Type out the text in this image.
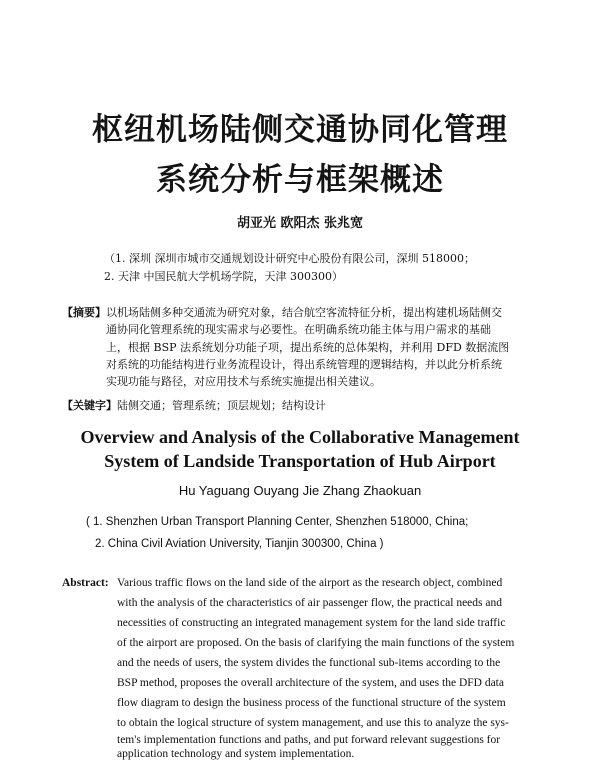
枢纽机场陆侧交通协同化管理
系统分析与框架概述
胡亚光 欧阳杰 张兆宽
（1. 深圳 深圳市城市交通规划设计研究中心股份有限公司，深圳 518000；
2. 天津 中国民航大学机场学院，天津 300300）
【摘要】以机场陆侧多种交通流为研究对象，结合航空客流特征分析，提出构建机场陆侧交
通协同化管理系统的现实需求与必要性。在明确系统功能主体与用户需求的基础
上，根据 BSP 法系统划分功能子项，提出系统的总体架构，并利用 DFD 数据流图
对系统的功能结构进行业务流程设计，得出系统管理的逻辑结构，并以此分析系统
实现功能与路径，对应用技术与系统实施提出相关建议。
【关键字】陆侧交通；管理系统；顶层规划；结构设计
Overview and Analysis of the Collaborative Management
System of Landside Transportation of Hub Airport
Hu Yaguang Ouyang Jie Zhang Zhaokuan
( 1. Shenzhen Urban Transport Planning Center, Shenzhen 518000, China;
2. China Civil Aviation University, Tianjin 300300, China )
Abstract: Various traffic flows on the land side of the airport as the research object, combined
with the analysis of the characteristics of air passenger flow, the practical needs and
necessities of constructing an integrated management system for the land side traffic
of the airport are proposed. On the basis of clarifying the main functions of the system
and the needs of users, the system divides the functional sub-items according to the
BSP method, proposes the overall architecture of the system, and uses the DFD data
flow diagram to design the business process of the functional structure of the system
to obtain the logical structure of system management, and use this to analyze the sys-
tem's implementation functions and paths, and put forward relevant suggestions for
application technology and system implementation.
